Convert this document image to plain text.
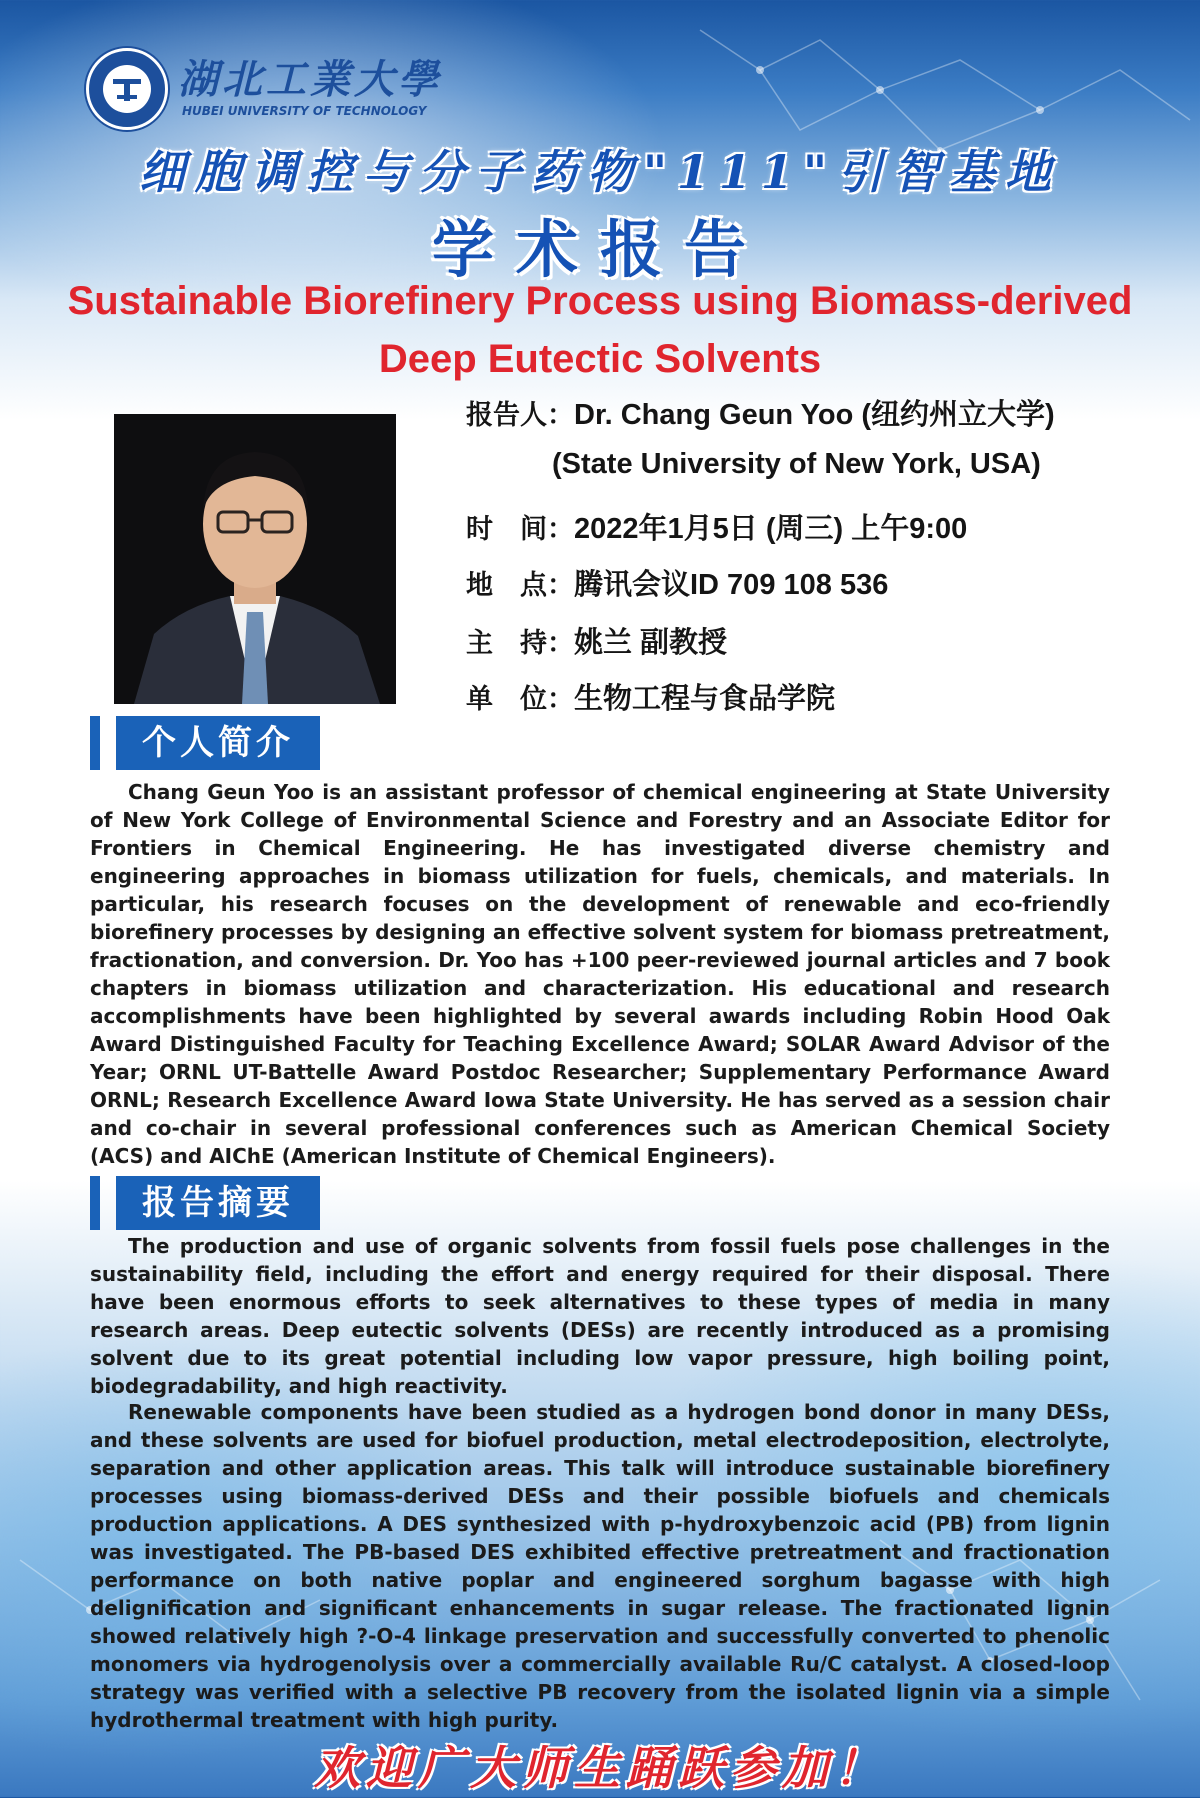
湖北工業大學
HUBEI UNIVERSITY OF TECHNOLOGY
细胞调控与分子药物"111"引智基地
学术报告
Sustainable Biorefinery Process using Biomass-derived
Deep Eutectic Solvents
报告人：Dr. Chang Geun Yoo (纽约州立大学)
(State University of New York, USA)
时　间：2022年1月5日 (周三) 上午9:00
地　点：腾讯会议ID 709 108 536
主　持：姚兰 副教授
单　位：生物工程与食品学院
个人简介

Chang Geun Yoo is an assistant professor of chemical engineering at State University of New York College of Environmental Science and Forestry and an Associate Editor for Frontiers in Chemical Engineering. He has investigated diverse chemistry and engineering approaches in biomass utilization for fuels, chemicals, and materials. In particular, his research focuses on the development of renewable and eco-friendly biorefinery processes by designing an effective solvent system for biomass pretreatment, fractionation, and conversion. Dr. Yoo has +100 peer-reviewed journal articles and 7 book chapters in biomass utilization and characterization. His educational and research accomplishments have been highlighted by several awards including Robin Hood Oak Award Distinguished Faculty for Teaching Excellence Award; SOLAR Award Advisor of the Year; ORNL UT-Battelle Award Postdoc Researcher; Supplementary Performance Award ORNL; Research Excellence Award Iowa State University. He has served as a session chair and co-chair in several professional conferences such as American Chemical Society (ACS) and AIChE (American Institute of Chemical Engineers).

报告摘要

The production and use of organic solvents from fossil fuels pose challenges in the sustainability field, including the effort and energy required for their disposal. There have been enormous efforts to seek alternatives to these types of media in many research areas. Deep eutectic solvents (DESs) are recently introduced as a promising solvent due to its great potential including low vapor pressure, high boiling point, biodegradability, and high reactivity.

Renewable components have been studied as a hydrogen bond donor in many DESs, and these solvents are used for biofuel production, metal electrodeposition, electrolyte, separation and other application areas. This talk will introduce sustainable biorefinery processes using biomass-derived DESs and their possible biofuels and chemicals production applications. A DES synthesized with p-hydroxybenzoic acid (PB) from lignin was investigated. The PB-based DES exhibited effective pretreatment and fractionation performance on both native poplar and engineered sorghum bagasse with high delignification and significant enhancements in sugar release. The fractionated lignin showed relatively high ?-O-4 linkage preservation and successfully converted to phenolic monomers via hydrogenolysis over a commercially available Ru/C catalyst. A closed-loop strategy was verified with a selective PB recovery from the isolated lignin via a simple hydrothermal treatment with high purity.

欢迎广大师生踊跃参加！
